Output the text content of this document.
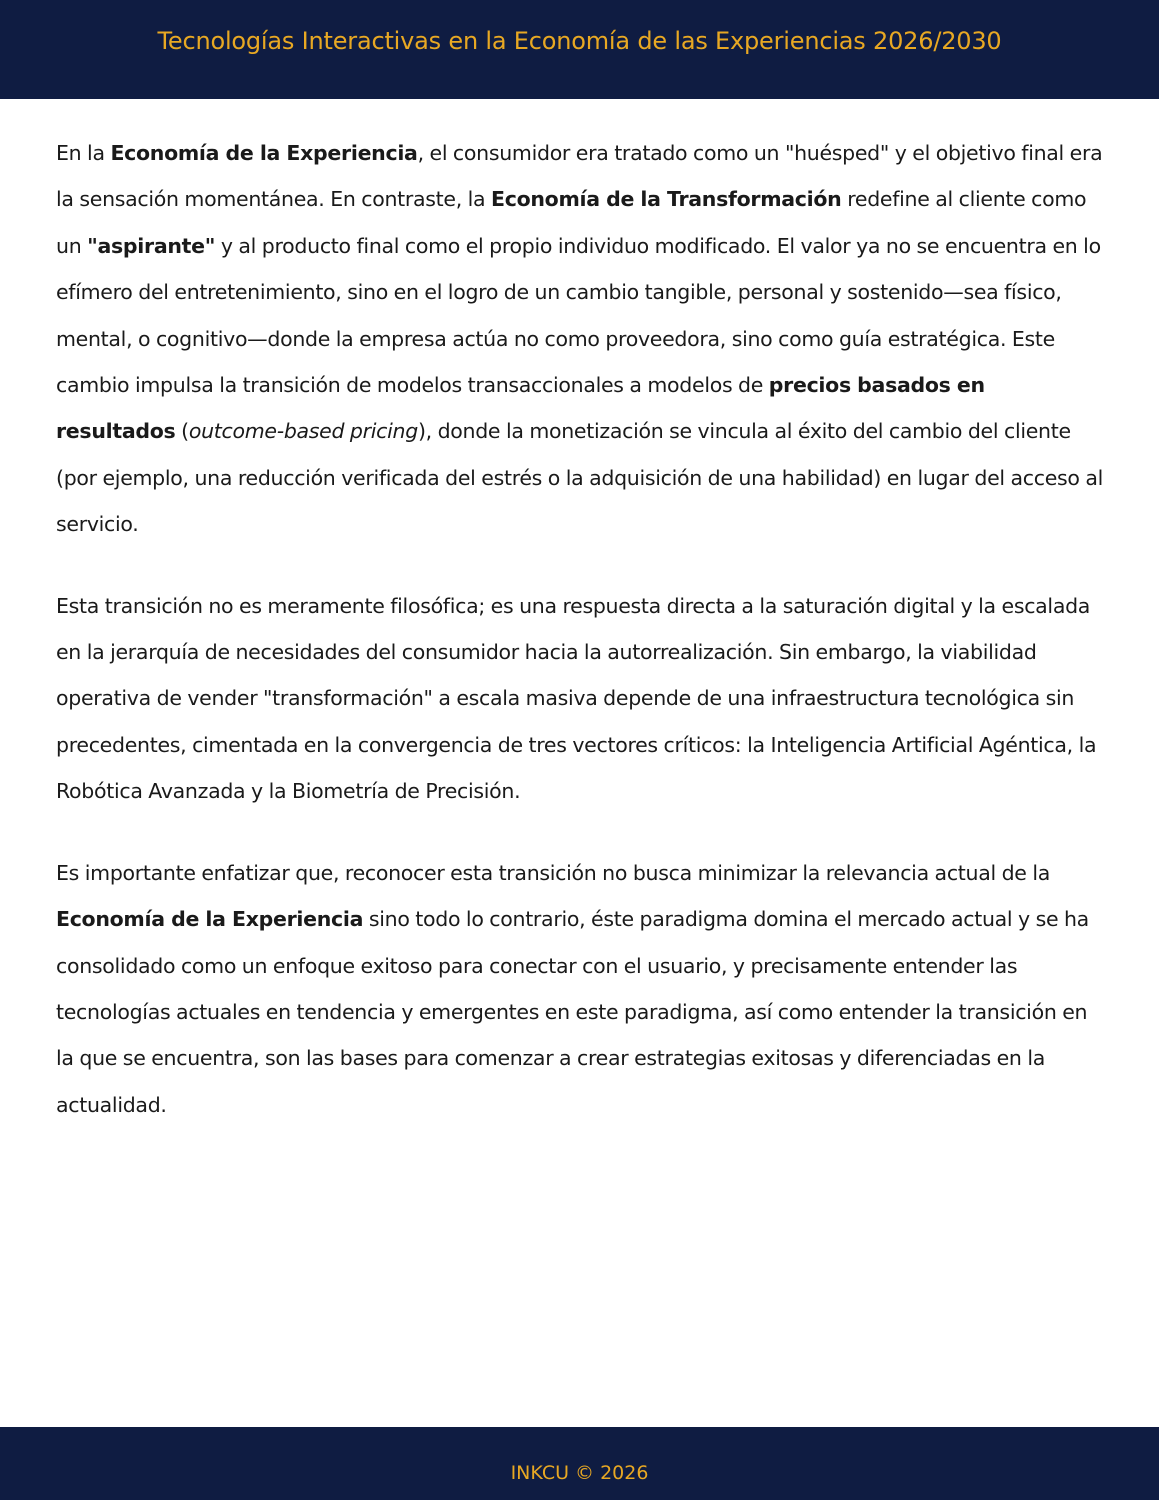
Tecnologías Interactivas en la Economía de las Experiencias 2026/2030

En la Economía de la Experiencia, el consumidor era tratado como un "huésped" y el objetivo final era la sensación momentánea. En contraste, la Economía de la Transformación redefine al cliente como un "aspirante" y al producto final como el propio individuo modificado. El valor ya no se encuentra en lo efímero del entretenimiento, sino en el logro de un cambio tangible, personal y sostenido—sea físico, mental, o cognitivo—donde la empresa actúa no como proveedora, sino como guía estratégica. Este cambio impulsa la transición de modelos transaccionales a modelos de precios basados en resultados (outcome-based pricing), donde la monetización se vincula al éxito del cambio del cliente (por ejemplo, una reducción verificada del estrés o la adquisición de una habilidad) en lugar del acceso al servicio.

Esta transición no es meramente filosófica; es una respuesta directa a la saturación digital y la escalada en la jerarquía de necesidades del consumidor hacia la autorrealización. Sin embargo, la viabilidad operativa de vender "transformación" a escala masiva depende de una infraestructura tecnológica sin precedentes, cimentada en la convergencia de tres vectores críticos: la Inteligencia Artificial Agéntica, la Robótica Avanzada y la Biometría de Precisión.

Es importante enfatizar que, reconocer esta transición no busca minimizar la relevancia actual de la Economía de la Experiencia sino todo lo contrario, éste paradigma domina el mercado actual y se ha consolidado como un enfoque exitoso para conectar con el usuario, y precisamente entender las tecnologías actuales en tendencia y emergentes en este paradigma, así como entender la transición en la que se encuentra, son las bases para comenzar a crear estrategias exitosas y diferenciadas en la actualidad.

INKCU © 2026
